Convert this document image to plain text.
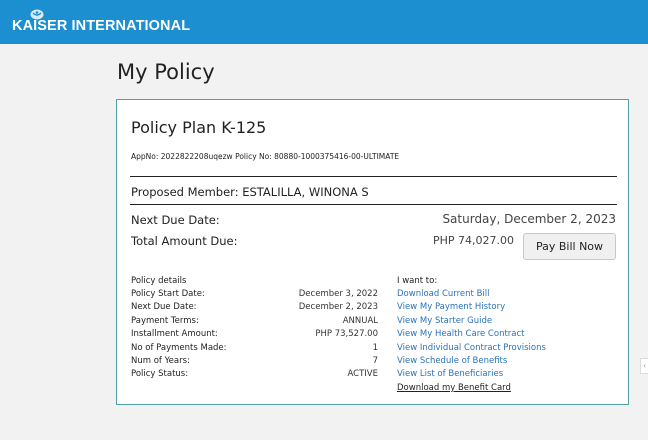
KAISER INTERNATIONAL
My Policy
Policy Plan K-125
AppNo: 2022822208uqezw Policy No: 80880-1000375416-00-ULTIMATE
Proposed Member: ESTALILLA, WINONA S
Next Due Date:	Saturday, December 2, 2023
Total Amount Due:	PHP 74,027.00	Pay Bill Now
Policy details
Policy Start Date:	December 3, 2022
Next Due Date:	December 2, 2023
Payment Terms:	ANNUAL
Installment Amount:	PHP 73,527.00
No of Payments Made:	1
Num of Years:	7
Policy Status:	ACTIVE
I want to:
Download Current Bill
View My Payment History
View My Starter Guide
View My Health Care Contract
View Individual Contract Provisions
View Schedule of Benefits
View List of Beneficiaries
Download my Benefit Card
‹
